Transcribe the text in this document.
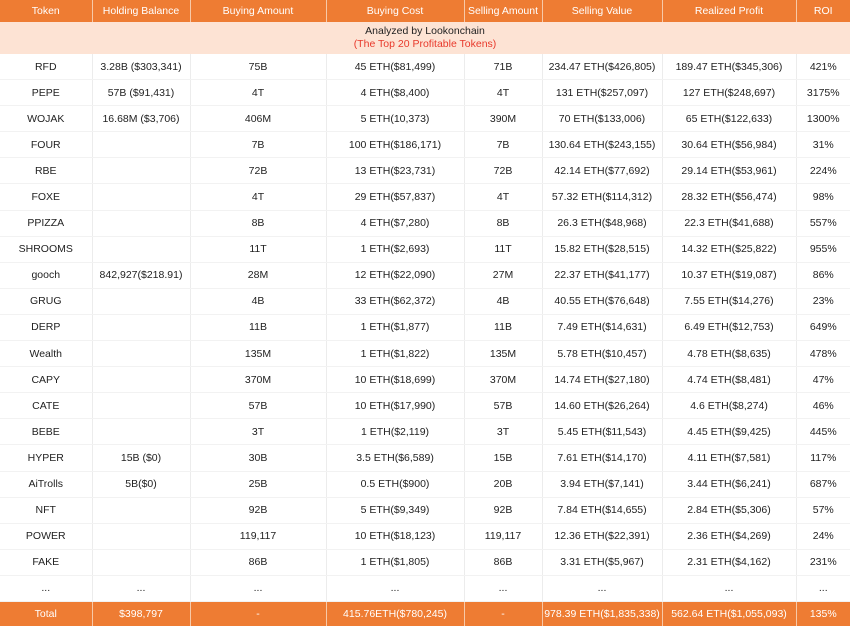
Token	Holding Balance	Buying Amount	Buying Cost	Selling Amount	Selling Value	Realized Profit	ROI

Analyzed by Lookonchain
(The Top 20 Profitable Tokens)							

RFD	3.28B ($303,341)	75B	45 ETH($81,499)	71B	234.47 ETH($426,805)	189.47 ETH($345,306)	421%
PEPE	57B ($91,431)	4T	4 ETH($8,400)	4T	131 ETH($257,097)	127 ETH($248,697)	3175%
WOJAK	16.68M ($3,706)	406M	5 ETH(10,373)	390M	70 ETH($133,006)	65 ETH($122,633)	1300%
FOUR		7B	100 ETH($186,171)	7B	130.64 ETH($243,155)	30.64 ETH($56,984)	31%
RBE		72B	13 ETH($23,731)	72B	42.14 ETH($77,692)	29.14 ETH($53,961)	224%
FOXE		4T	29 ETH($57,837)	4T	57.32 ETH($114,312)	28.32 ETH($56,474)	98%
PPIZZA		8B	4 ETH($7,280)	8B	26.3 ETH($48,968)	22.3 ETH($41,688)	557%
SHROOMS		11T	1 ETH($2,693)	11T	15.82 ETH($28,515)	14.32 ETH($25,822)	955%
gooch	842,927($218.91)	28M	12 ETH($22,090)	27M	22.37 ETH($41,177)	10.37 ETH($19,087)	86%
GRUG		4B	33 ETH($62,372)	4B	40.55 ETH($76,648)	7.55 ETH($14,276)	23%
DERP		11B	1 ETH($1,877)	11B	7.49 ETH($14,631)	6.49 ETH($12,753)	649%
Wealth		135M	1 ETH($1,822)	135M	5.78 ETH($10,457)	4.78 ETH($8,635)	478%
CAPY		370M	10 ETH($18,699)	370M	14.74 ETH($27,180)	4.74 ETH($8,481)	47%
CATE		57B	10 ETH($17,990)	57B	14.60 ETH($26,264)	4.6 ETH($8,274)	46%
BEBE		3T	1 ETH($2,119)	3T	5.45 ETH($11,543)	4.45 ETH($9,425)	445%
HYPER	15B ($0)	30B	3.5 ETH($6,589)	15B	7.61 ETH($14,170)	4.11 ETH($7,581)	117%
AiTrolls	5B($0)	25B	0.5 ETH($900)	20B	3.94 ETH($7,141)	3.44 ETH($6,241)	687%
NFT		92B	5 ETH($9,349)	92B	7.84 ETH($14,655)	2.84 ETH($5,306)	57%
POWER		119,117	10 ETH($18,123)	119,117	12.36 ETH($22,391)	2.36 ETH($4,269)	24%
FAKE		86B	1 ETH($1,805)	86B	3.31 ETH($5,967)	2.31 ETH($4,162)	231%
...	...	...	...	...	...	...	...
Total	$398,797	-	415.76ETH($780,245)	-	978.39 ETH($1,835,338)	562.64 ETH($1,055,093)	135%
